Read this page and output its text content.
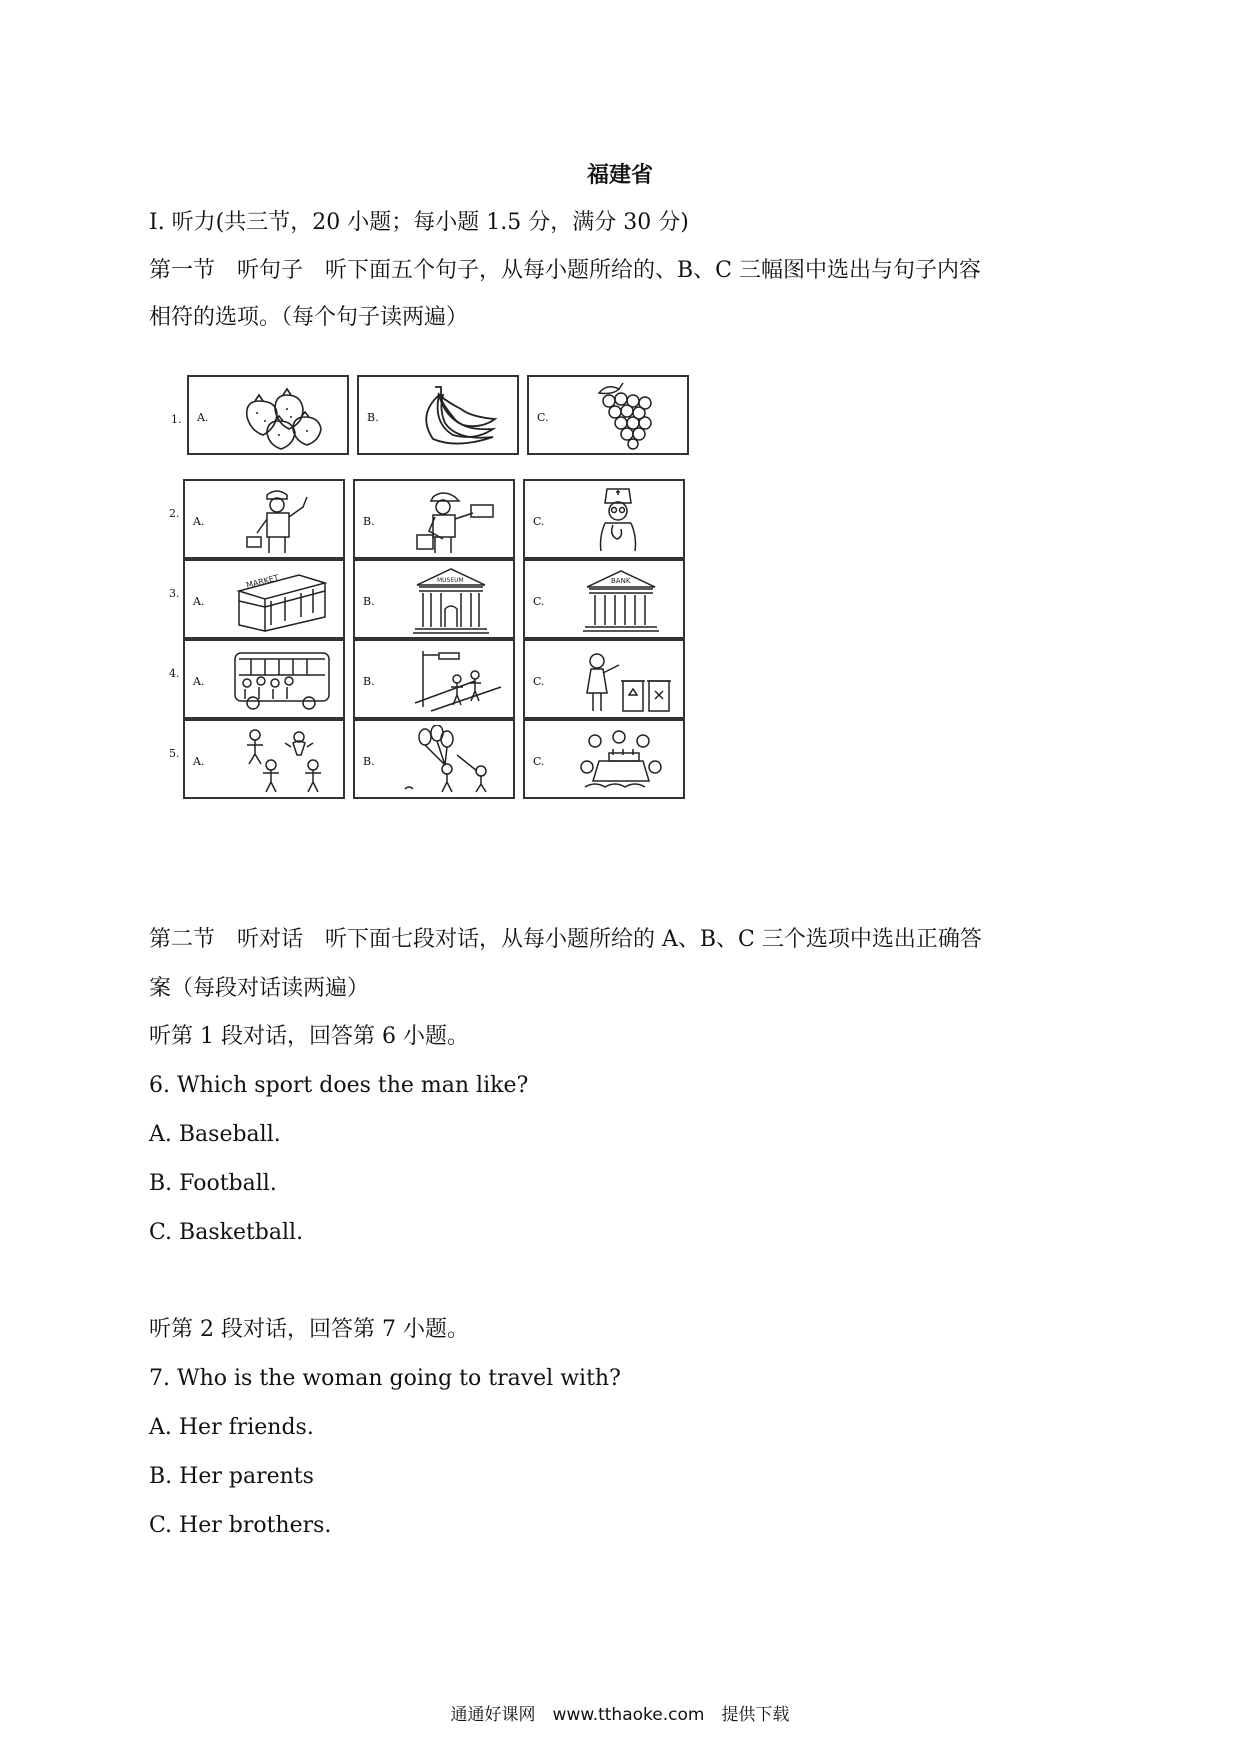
福建省
I. 听力(共三节，20 小题；每小题 1.5 分，满分 30 分)
第一节　听句子　听下面五个句子，从每小题所给的、B、C 三幅图中选出与句子内容
相符的选项。（每个句子读两遍）
1. A.	B.	C.
2.
A.	B.	C.
3.
A.
MARKET
B.
MUSEUM
C.
BANK
4.
A.	B.	C.
5.
A.	B.	C.
第二节　听对话　听下面七段对话，从每小题所给的 A、B、C 三个选项中选出正确答
案（每段对话读两遍）
听第 1 段对话，回答第 6 小题。
6. Which sport does the man like?
A. Baseball.
B. Football.
C. Basketball.
听第 2 段对话，回答第 7 小题。
7. Who is the woman going to travel with?
A. Her friends.
B. Her parents
C. Her brothers.
通通好课网　www.tthaoke.com　提供下载
